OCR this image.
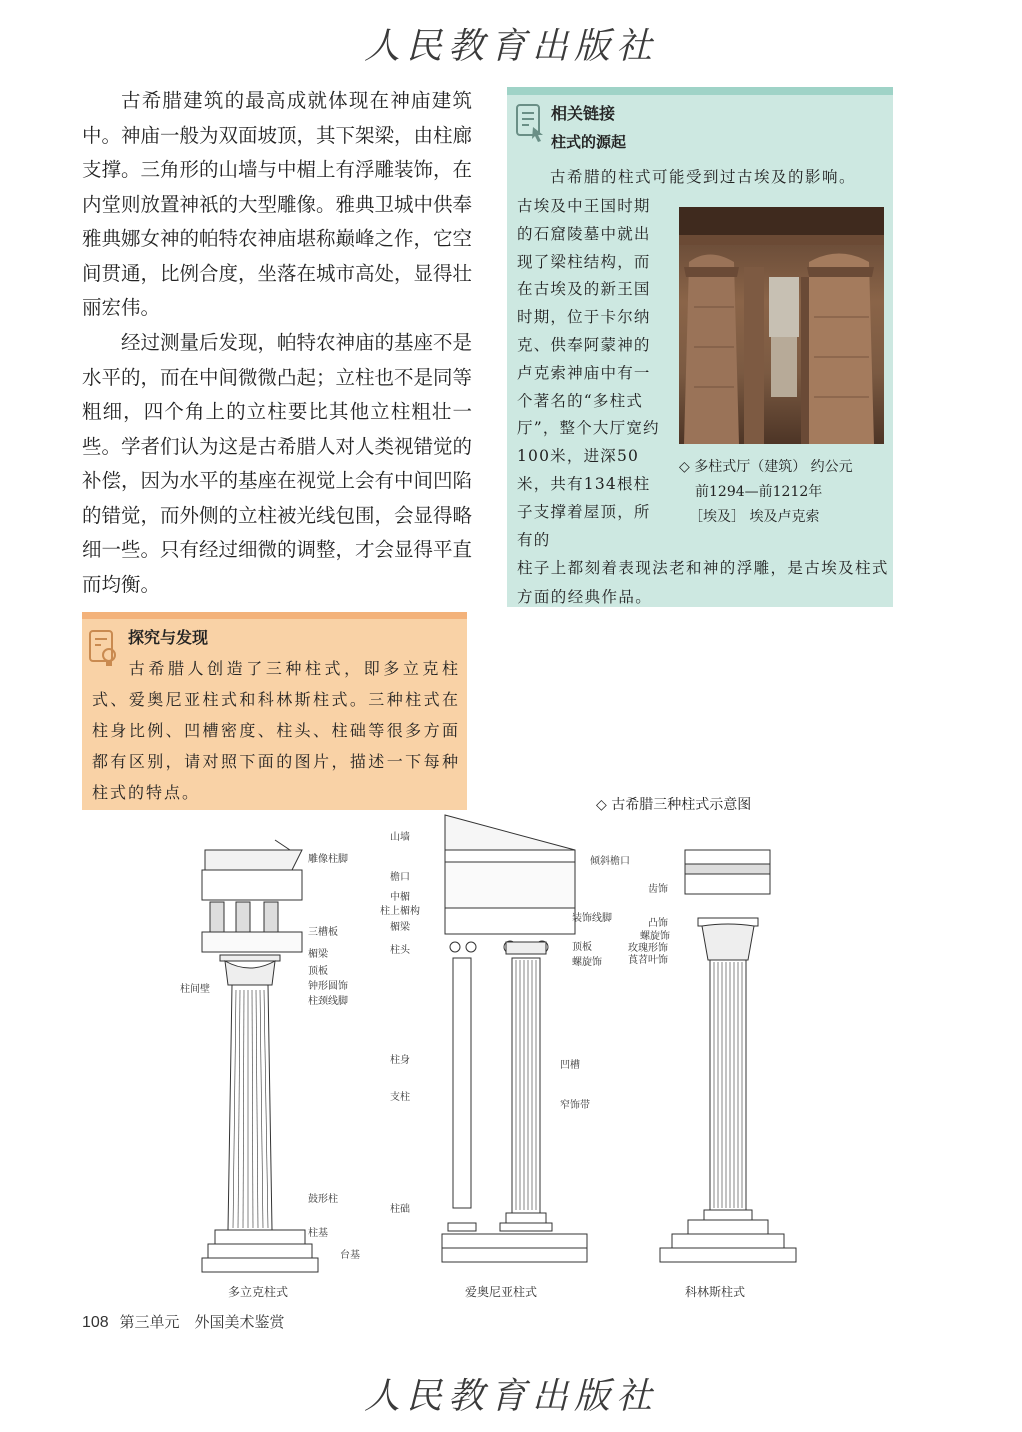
人民教育出版社

古希腊建筑的最高成就体现在神庙建筑中。神庙一般为双面坡顶，其下架梁，由柱廊支撑。三角形的山墙与中楣上有浮雕装饰，在内堂则放置神祇的大型雕像。雅典卫城中供奉雅典娜女神的帕特农神庙堪称巅峰之作，它空间贯通，比例合度，坐落在城市高处，显得壮丽宏伟。

经过测量后发现，帕特农神庙的基座不是水平的，而在中间微微凸起；立柱也不是同等粗细，四个角上的立柱要比其他立柱粗壮一些。学者们认为这是古希腊人对人类视错觉的补偿，因为水平的基座在视觉上会有中间凹陷的错觉，而外侧的立柱被光线包围，会显得略细一些。只有经过细微的调整，才会显得平直而均衡。

相关链接
柱式的源起
古希腊的柱式可能受到过古埃及的影响。
古埃及中王国时期的石窟陵墓中就出现了梁柱结构，而在古埃及的新王国时期，位于卡尔纳克、供奉阿蒙神的卢克索神庙中有一个著名的“多柱式厅”，整个大厅宽约100米，进深50米，共有134根柱子支撑着屋顶，所有的
◇ 多柱式厅（建筑） 约公元
前1294—前1212年
［埃及］ 埃及卢克索
柱子上都刻着表现法老和神的浮雕，是古埃及柱式方面的经典作品。
探究与发现
古希腊人创造了三种柱式，即多立克柱式、爱奥尼亚柱式和科林斯柱式。三种柱式在柱身比例、凹槽密度、柱头、柱础等很多方面都有区别，请对照下面的图片，描述一下每种柱式的特点。
◇ 古希腊三种柱式示意图
雕像柱脚
三槽板
楣梁
顶板
钟形圆饰
柱颈线脚
柱间壁
鼓形柱
柱基
台基
多立克柱式
山墙
檐口
中楣
柱上楣构
楣梁
柱头
柱身
支柱
柱础
倾斜檐口
装饰线脚
顶板
螺旋饰
凹槽
窄饰带
爱奥尼亚柱式
齿饰
凸饰
螺旋饰
玫瑰形饰
莨苕叶饰
科林斯柱式
108 第三单元　外国美术鉴赏
人民教育出版社
